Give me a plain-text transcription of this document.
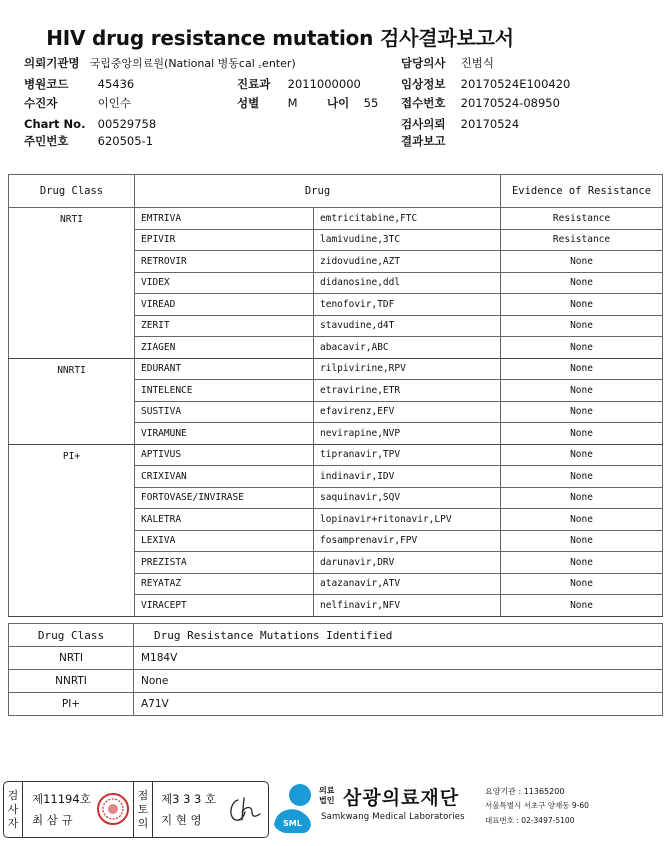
HIV drug resistance mutation 검사결과보고서
의뢰기관명 국립중앙의료원(National 병동cal ꜀enter)	담당의사 진범식
병원코드	45436	진료과 2011000000	임상정보 20170524E100420
수진자	이인수	성별 M	나이 55 접수번호 20170524-08950
Chart No. 00529758	검사의뢰 20170524
주민번호	620505-1	결과보고
Drug Class	Drug		Evidence of Resistance
NRTI	EMTRIVA	emtricitabine,FTC	Resistance
	EPIVIR	lamivudine,3TC	Resistance
	RETROVIR	zidovudine,AZT	None
	VIDEX	didanosine,ddl	None
	VIREAD	tenofovir,TDF	None
	ZERIT	stavudine,d4T	None
	ZIAGEN	abacavir,ABC	None
NNRTI	EDURANT	rilpivirine,RPV	None
	INTELENCE	etravirine,ETR	None
	SUSTIVA	efavirenz,EFV	None
	VIRAMUNE	nevirapine,NVP	None
PI+	APTIVUS	tipranavir,TPV	None
	CRIXIVAN	indinavir,IDV	None
	FORTOVASE/INVIRASE	saquinavir,SQV	None
	KALETRA	lopinavir+ritonavir,LPV	None
	LEXIVA	fosamprenavir,FPV	None
	PREZISTA	darunavir,DRV	None
	REYATAZ	atazanavir,ATV	None
	VIRACEPT	nelfinavir,NFV	None
Drug Class	Drug Resistance Mutations Identified
NRTI	M184V
NNRTI	None
PI+	A71V
검
사
자
제11194호
최 삼 규
점
토
의
제3 3 3 호
지 현 영	SML
의료
법인 삼광의료재단
Samkwang Medical Laboratories
요양기관 : 11365200
서울특별시 서초구 양재동 9-60
대표번호 : 02-3497-5100
